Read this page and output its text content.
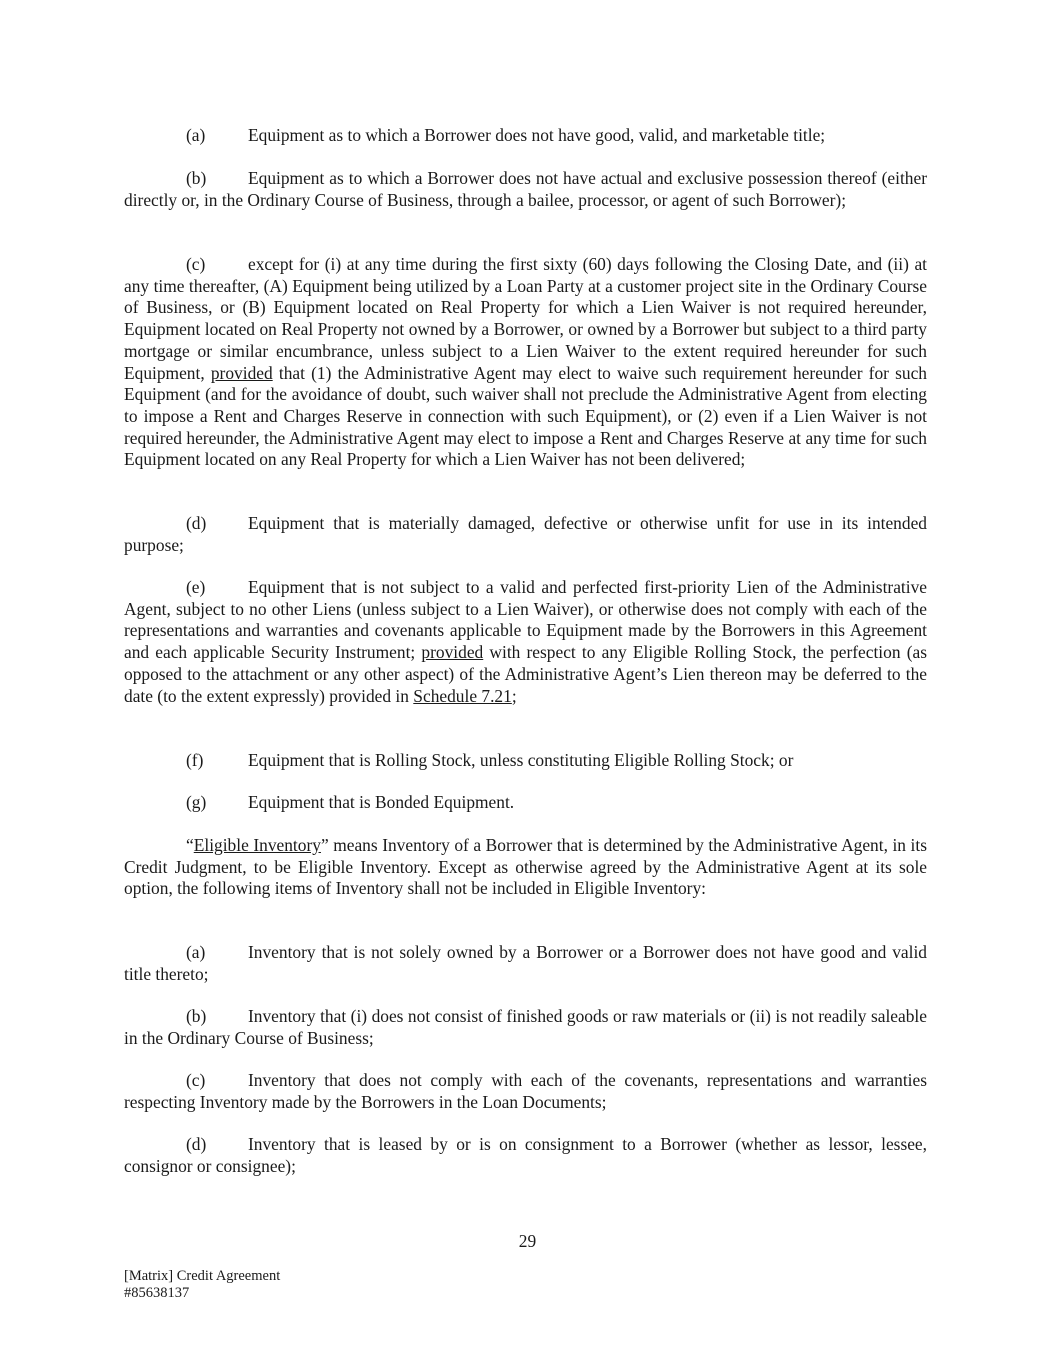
(a) Equipment as to which a Borrower does not have good, valid, and marketable title;

(b) Equipment as to which a Borrower does not have actual and exclusive possession thereof (either directly or, in the Ordinary Course of Business, through a bailee, processor, or agent of such Borrower);

(c) except for (i) at any time during the first sixty (60) days following the Closing Date, and (ii) at any time thereafter, (A) Equipment being utilized by a Loan Party at a customer project site in the Ordinary Course of Business, or (B) Equipment located on Real Property for which a Lien Waiver is not required hereunder, Equipment located on Real Property not owned by a Borrower, or owned by a Borrower but subject to a third party mortgage or similar encumbrance, unless subject to a Lien Waiver to the extent required hereunder for such Equipment, provided that (1) the Administrative Agent may elect to waive such requirement hereunder for such Equipment (and for the avoidance of doubt, such waiver shall not preclude the Administrative Agent from electing to impose a Rent and Charges Reserve in connection with such Equipment), or (2) even if a Lien Waiver is not required hereunder, the Administrative Agent may elect to impose a Rent and Charges Reserve at any time for such Equipment located on any Real Property for which a Lien Waiver has not been delivered;

(d) Equipment that is materially damaged, defective or otherwise unfit for use in its intended purpose;

(e) Equipment that is not subject to a valid and perfected first-priority Lien of the Administrative Agent, subject to no other Liens (unless subject to a Lien Waiver), or otherwise does not comply with each of the representations and warranties and covenants applicable to Equipment made by the Borrowers in this Agreement and each applicable Security Instrument; provided with respect to any Eligible Rolling Stock, the perfection (as opposed to the attachment or any other aspect) of the Administrative Agent’s Lien thereon may be deferred to the date (to the extent expressly) provided in Schedule 7.21;

(f)	Equipment that is Rolling Stock, unless constituting Eligible Rolling Stock; or

(g) Equipment that is Bonded Equipment.

“Eligible Inventory” means Inventory of a Borrower that is determined by the Administrative Agent, in its Credit Judgment, to be Eligible Inventory. Except as otherwise agreed by the Administrative Agent at its sole option, the following items of Inventory shall not be included in Eligible Inventory:

(a) Inventory that is not solely owned by a Borrower or a Borrower does not have good and valid title thereto;

(b) Inventory that (i) does not consist of finished goods or raw materials or (ii) is not readily saleable in the Ordinary Course of Business;

(c) Inventory that does not comply with each of the covenants, representations and warranties respecting Inventory made by the Borrowers in the Loan Documents;

(d) Inventory that is leased by or is on consignment to a Borrower (whether as lessor, lessee, consignor or consignee);

29

[Matrix] Credit Agreement

#85638137
